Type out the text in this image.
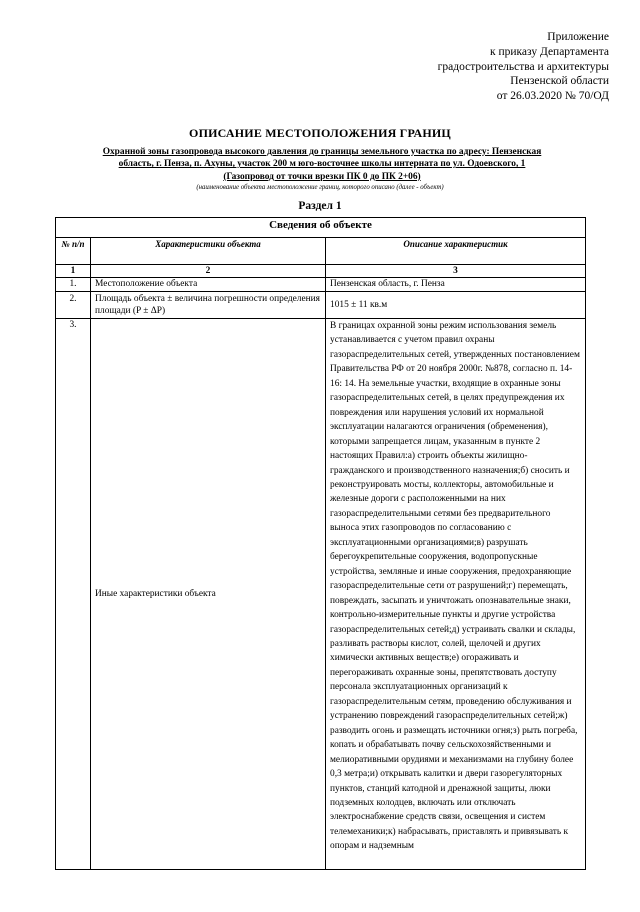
Приложение
к приказу Департамента
градостроительства и архитектуры
Пензенской области
от 26.03.2020 № 70/ОД
ОПИСАНИЕ МЕСТОПОЛОЖЕНИЯ ГРАНИЦ
Охранной зоны газопровода высокого давления до границы земельного участка по адресу: Пензенская
область, г. Пенза, п. Ахуны, участок 200 м юго-восточнее школы интерната по ул. Одоевского, 1
(Газопровод от точки врезки ПК 0 до ПК 2+06)
(наименование объекта местоположение границ, которого описано (далее - объект)
Раздел 1
Сведения об объекте		
№ п/п	Характеристики объекта	Описание характеристик
1	2	3
1.	Местоположение объекта	Пензенская область, г. Пенза
2.	Площадь объекта ± величина погрешности определения площади (P ± ΔP)	1015 ± 11 кв.м
3.	Иные характеристики объекта	В границах охранной зоны режим использования земель устанавливается с учетом правил охраны газораспределительных сетей, утвержденных постановлением Правительства РФ от 20 ноября 2000г. №878, согласно п. 14-16: 14. На земельные участки, входящие в охранные зоны газораспределительных сетей, в целях предупреждения их повреждения или нарушения условий их нормальной эксплуатации налагаются ограничения (обременения), которыми запрещается лицам, указанным в пункте 2 настоящих Правил:а) строить объекты жилищно-гражданского и производственного назначения;б) сносить и реконструировать мосты, коллекторы, автомобильные и железные дороги с расположенными на них газораспределительными сетями без предварительного выноса этих газопроводов по согласованию с эксплуатационными организациями;в) разрушать берегоукрепительные сооружения, водопропускные устройства, земляные и иные сооружения, предохраняющие газораспределительные сети от разрушений;г) перемещать, повреждать, засыпать и уничтожать опознавательные знаки, контрольно-измерительные пункты и другие устройства газораспределительных сетей;д) устраивать свалки и склады, разливать растворы кислот, солей, щелочей и других химически активных веществ;е) огораживать и перегораживать охранные зоны, препятствовать доступу персонала эксплуатационных организаций к газораспределительным сетям, проведению обслуживания и устранению повреждений газораспределительных сетей;ж) разводить огонь и размещать источники огня;з) рыть погреба, копать и обрабатывать почву сельскохозяйственными и мелиоративными орудиями и механизмами на глубину более 0,3 метра;и) открывать калитки и двери газорегуляторных пунктов, станций катодной и дренажной защиты, люки подземных колодцев, включать или отключать электроснабжение средств связи, освещения и систем телемеханики;к) набрасывать, приставлять и привязывать к опорам и надземным
